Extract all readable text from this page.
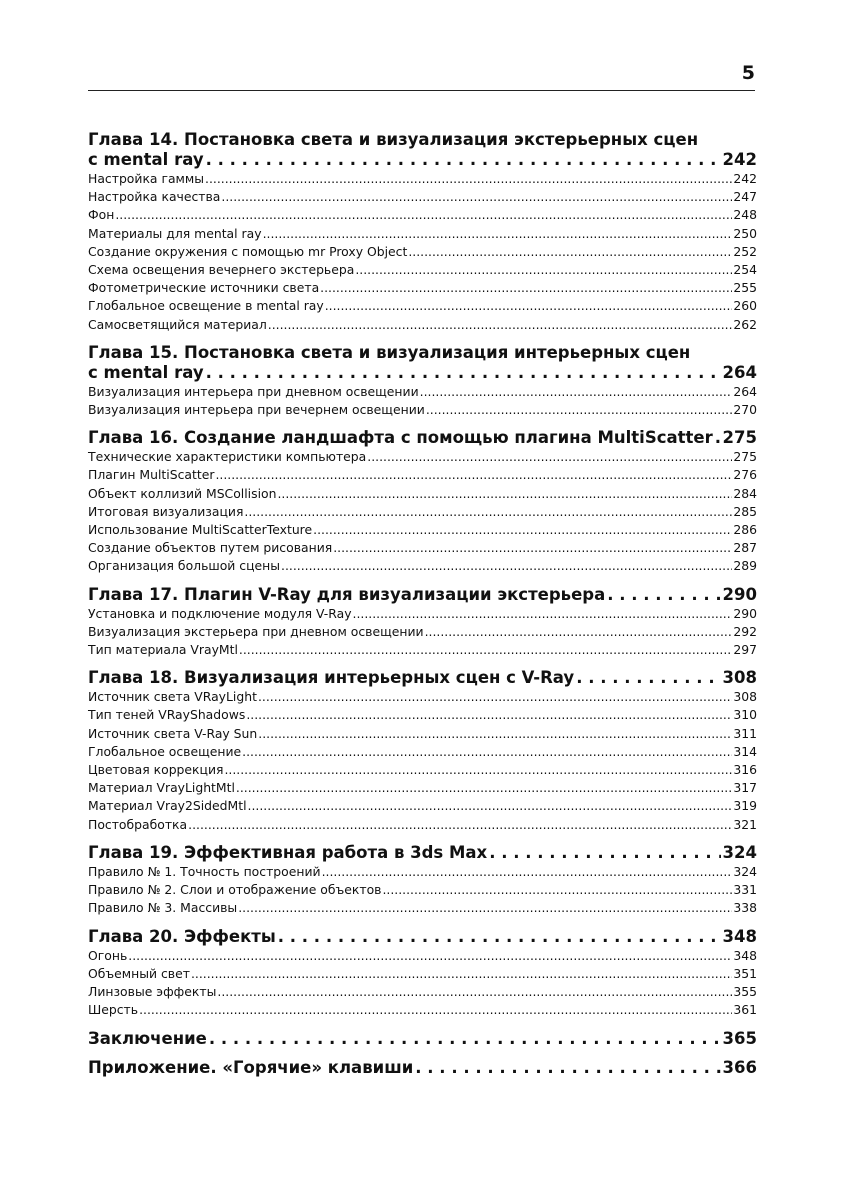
5
Глава 14. Постановка света и визуализация экстерьерных сцен
с mental ray . . .	242
Настройка гаммы .....	242
Настройка качества .....	247
Фон .....	248
Материалы для mental ray .....	250
Создание окружения с помощью mr Proxy Object .....	252
Схема освещения вечернего экстерьера .....	254
Фотометрические источники света .....	255
Глобальное освещение в mental ray .....	260
Самосветящийся материал .....	262
Глава 15. Постановка света и визуализация интерьерных сцен
с mental ray . . .	264
Визуализация интерьера при дневном освещении .....	264
Визуализация интерьера при вечернем освещении .....	270
Глава 16. Создание ландшафта с помощью плагина MultiScatter . . . 275
Технические характеристики компьютера .....	275
Плагин MultiScatter .....	276
Объект коллизий MSCollision .....	284
Итоговая визуализация .....	285
Использование MultiScatterTexture .....	286
Создание объектов путем рисования .....	287
Организация большой сцены .....	289
Глава 17. Плагин V-Ray для визуализации экстерьера . . .	290
Установка и подключение модуля V-Ray .....	290
Визуализация экстерьера при дневном освещении .....	292
Тип материала VrayMtl .....	297
Глава 18. Визуализация интерьерных сцен с V-Ray . . .	308
Источник света VRayLight .....	308
Тип теней VRayShadows .....	310
Источник света V-Ray Sun .....	311
Глобальное освещение .....	314
Цветовая коррекция .....	316
Материал VrayLightMtl .....	317
Материал Vray2SidedMtl .....	319
Постобработка .....	321
Глава 19. Эффективная работа в 3ds Max . . .	324
Правило № 1. Точность построений .....	324
Правило № 2. Слои и отображение объектов .....	331
Правило № 3. Массивы .....	338
Глава 20. Эффекты . . .	348
Огонь .....	348
Объемный свет .....	351
Линзовые эффекты .....	355
Шерсть .....	361
Заключение . . .	365
Приложение. «Горячие» клавиши . . .	366
